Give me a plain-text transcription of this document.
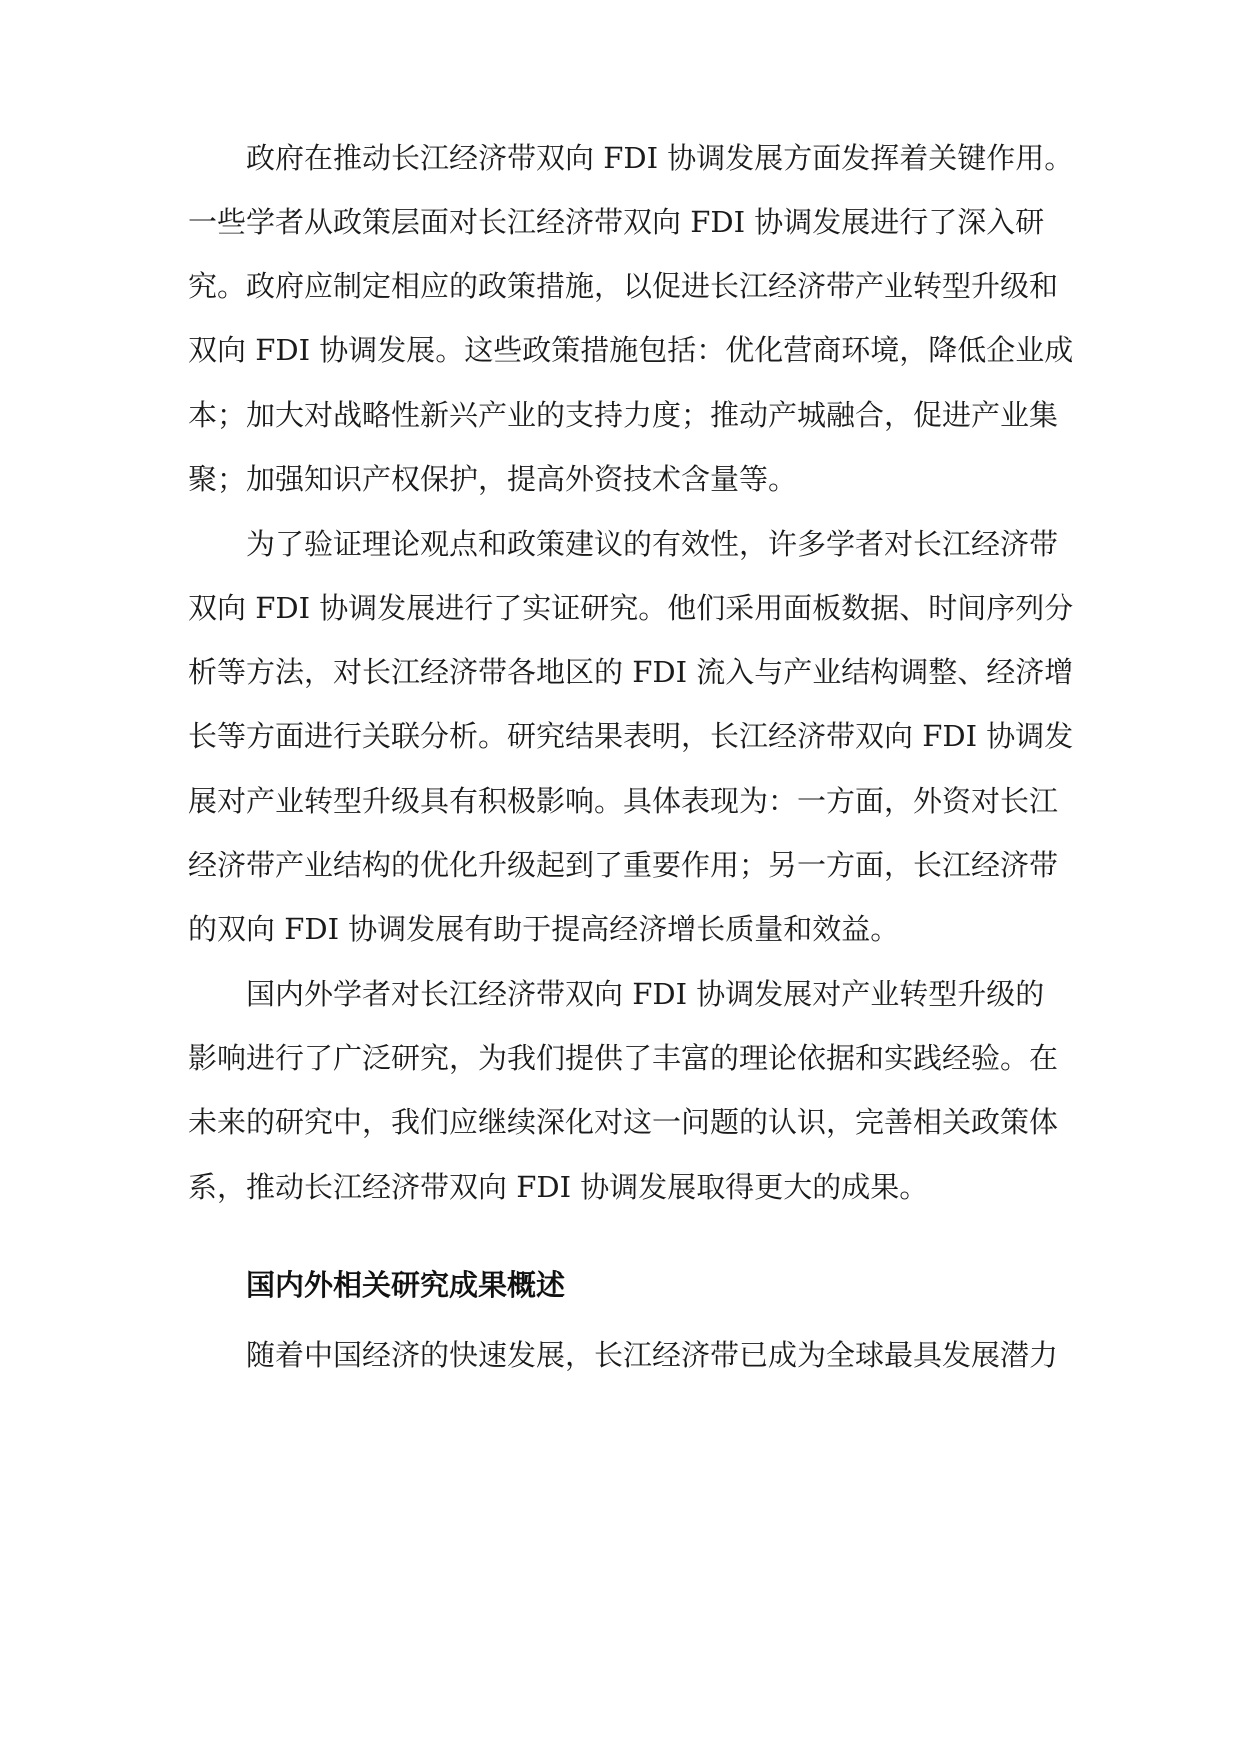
政府在推动长江经济带双向 FDI 协调发展方面发挥着关键作用。
一些学者从政策层面对长江经济带双向 FDI 协调发展进行了深入研
究。政府应制定相应的政策措施，以促进长江经济带产业转型升级和
双向 FDI 协调发展。这些政策措施包括：优化营商环境，降低企业成
本；加大对战略性新兴产业的支持力度；推动产城融合，促进产业集
聚；加强知识产权保护，提高外资技术含量等。
为了验证理论观点和政策建议的有效性，许多学者对长江经济带
双向 FDI 协调发展进行了实证研究。他们采用面板数据、时间序列分
析等方法，对长江经济带各地区的 FDI 流入与产业结构调整、经济增
长等方面进行关联分析。研究结果表明，长江经济带双向 FDI 协调发
展对产业转型升级具有积极影响。具体表现为：一方面，外资对长江
经济带产业结构的优化升级起到了重要作用；另一方面，长江经济带
的双向 FDI 协调发展有助于提高经济增长质量和效益。
国内外学者对长江经济带双向 FDI 协调发展对产业转型升级的
影响进行了广泛研究，为我们提供了丰富的理论依据和实践经验。在
未来的研究中，我们应继续深化对这一问题的认识，完善相关政策体
系，推动长江经济带双向 FDI 协调发展取得更大的成果。
国内外相关研究成果概述
随着中国经济的快速发展，长江经济带已成为全球最具发展潜力
